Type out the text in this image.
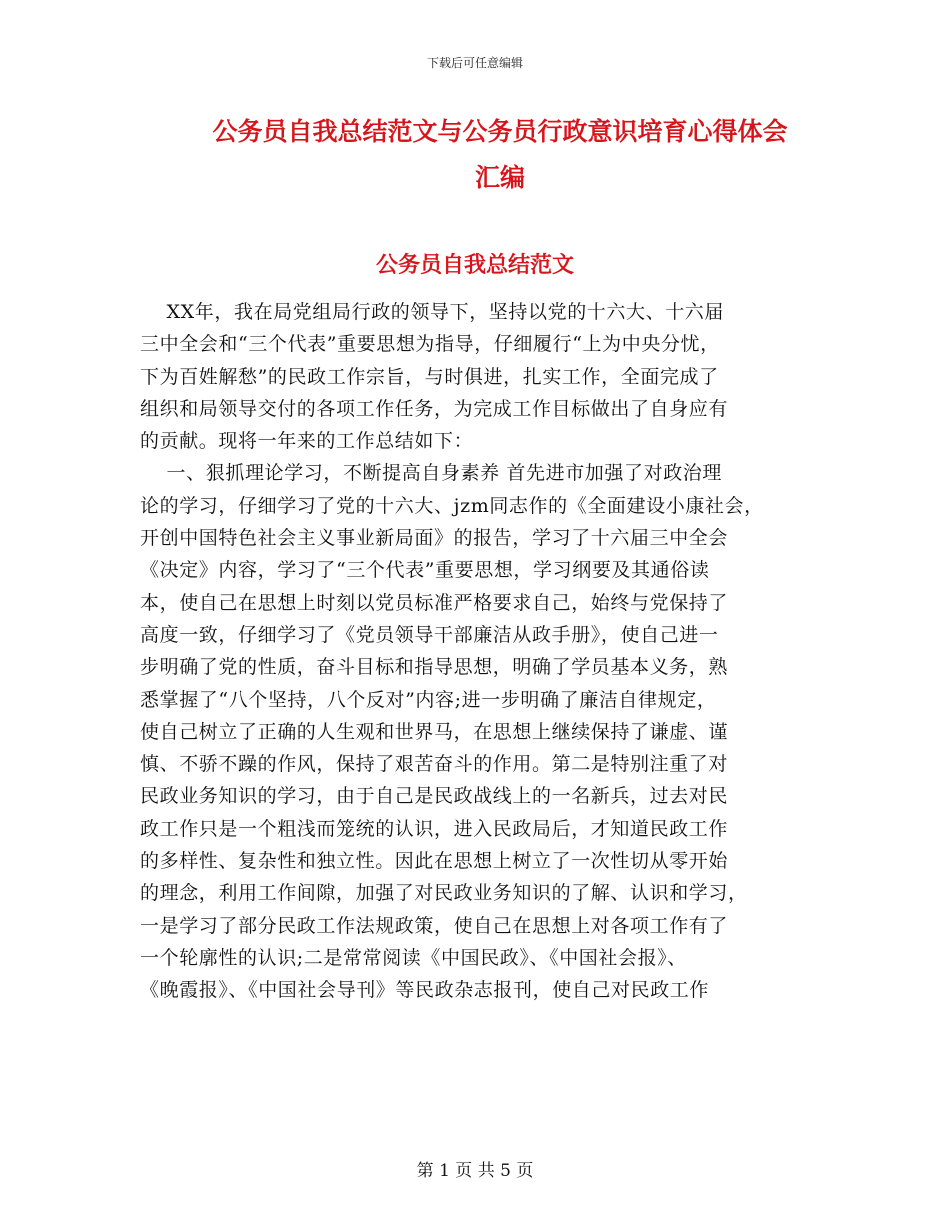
下载后可任意编辑
公务员自我总结范文与公务员行政意识培育心得体会
汇编
公务员自我总结范文
XX年，我在局党组局行政的领导下，坚持以党的十六大、十六届
三中全会和“三个代表”重要思想为指导，仔细履行“上为中央分忧，
下为百姓解愁”的民政工作宗旨，与时俱进，扎实工作，全面完成了
组织和局领导交付的各项工作任务，为完成工作目标做出了自身应有
的贡献。现将一年来的工作总结如下：
一、狠抓理论学习，不断提高自身素养 首先进市加强了对政治理
论的学习，仔细学习了党的十六大、jzm同志作的《全面建设小康社会，
开创中国特色社会主义事业新局面》的报告，学习了十六届三中全会
《决定》内容，学习了“三个代表”重要思想，学习纲要及其通俗读
本，使自己在思想上时刻以党员标准严格要求自己，始终与党保持了
高度一致，仔细学习了《党员领导干部廉洁从政手册》，使自己进一
步明确了党的性质，奋斗目标和指导思想，明确了学员基本义务，熟
悉掌握了“八个坚持，八个反对”内容;进一步明确了廉洁自律规定，
使自己树立了正确的人生观和世界马，在思想上继续保持了谦虚、谨
慎、不骄不躁的作风，保持了艰苦奋斗的作用。第二是特别注重了对
民政业务知识的学习，由于自己是民政战线上的一名新兵，过去对民
政工作只是一个粗浅而笼统的认识，进入民政局后，才知道民政工作
的多样性、复杂性和独立性。因此在思想上树立了一次性切从零开始
的理念，利用工作间隙，加强了对民政业务知识的了解、认识和学习，
一是学习了部分民政工作法规政策，使自己在思想上对各项工作有了
一个轮廓性的认识;二是常常阅读《中国民政》、《中国社会报》、
《晚霞报》、《中国社会导刊》等民政杂志报刊，使自己对民政工作
第 1 页 共 5 页
